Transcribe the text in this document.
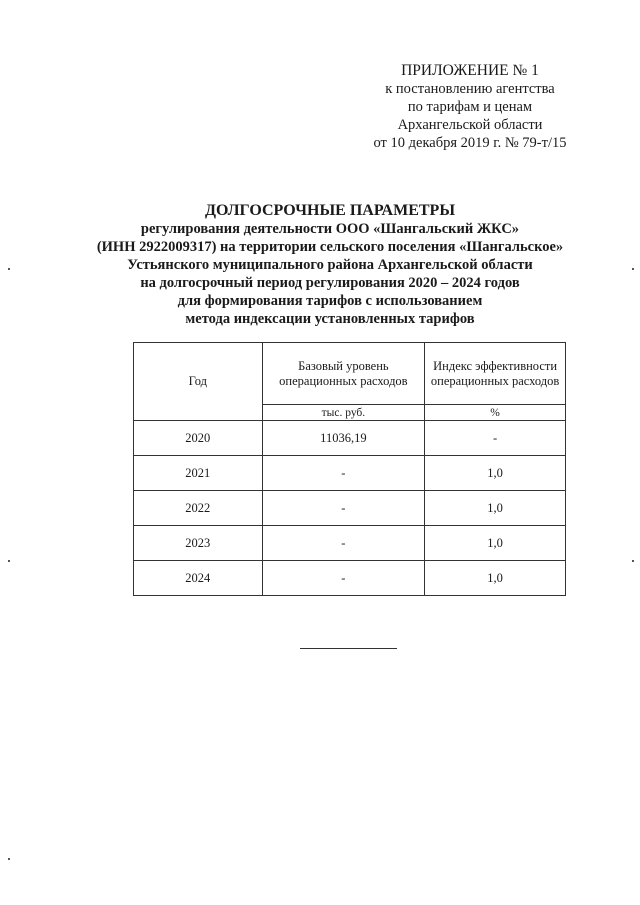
ПРИЛОЖЕНИЕ № 1
к постановлению агентства
по тарифам и ценам
Архангельской области
от 10 декабря 2019 г. № 79-т/15
ДОЛГОСРОЧНЫЕ ПАРАМЕТРЫ
регулирования деятельности ООО «Шангальский ЖКС»
(ИНН 2922009317) на территории сельского поселения «Шангальское»
Устьянского муниципального района Архангельской области
на долгосрочный период регулирования 2020 – 2024 годов
для формирования тарифов с использованием
метода индексации установленных тарифов
Год	Базовый уровень операционных расходов	Индекс эффективности операционных расходов
	тыс. руб.	%
2020	11036,19	-
2021	-	1,0
2022	-	1,0
2023	-	1,0
2024	-	1,0
